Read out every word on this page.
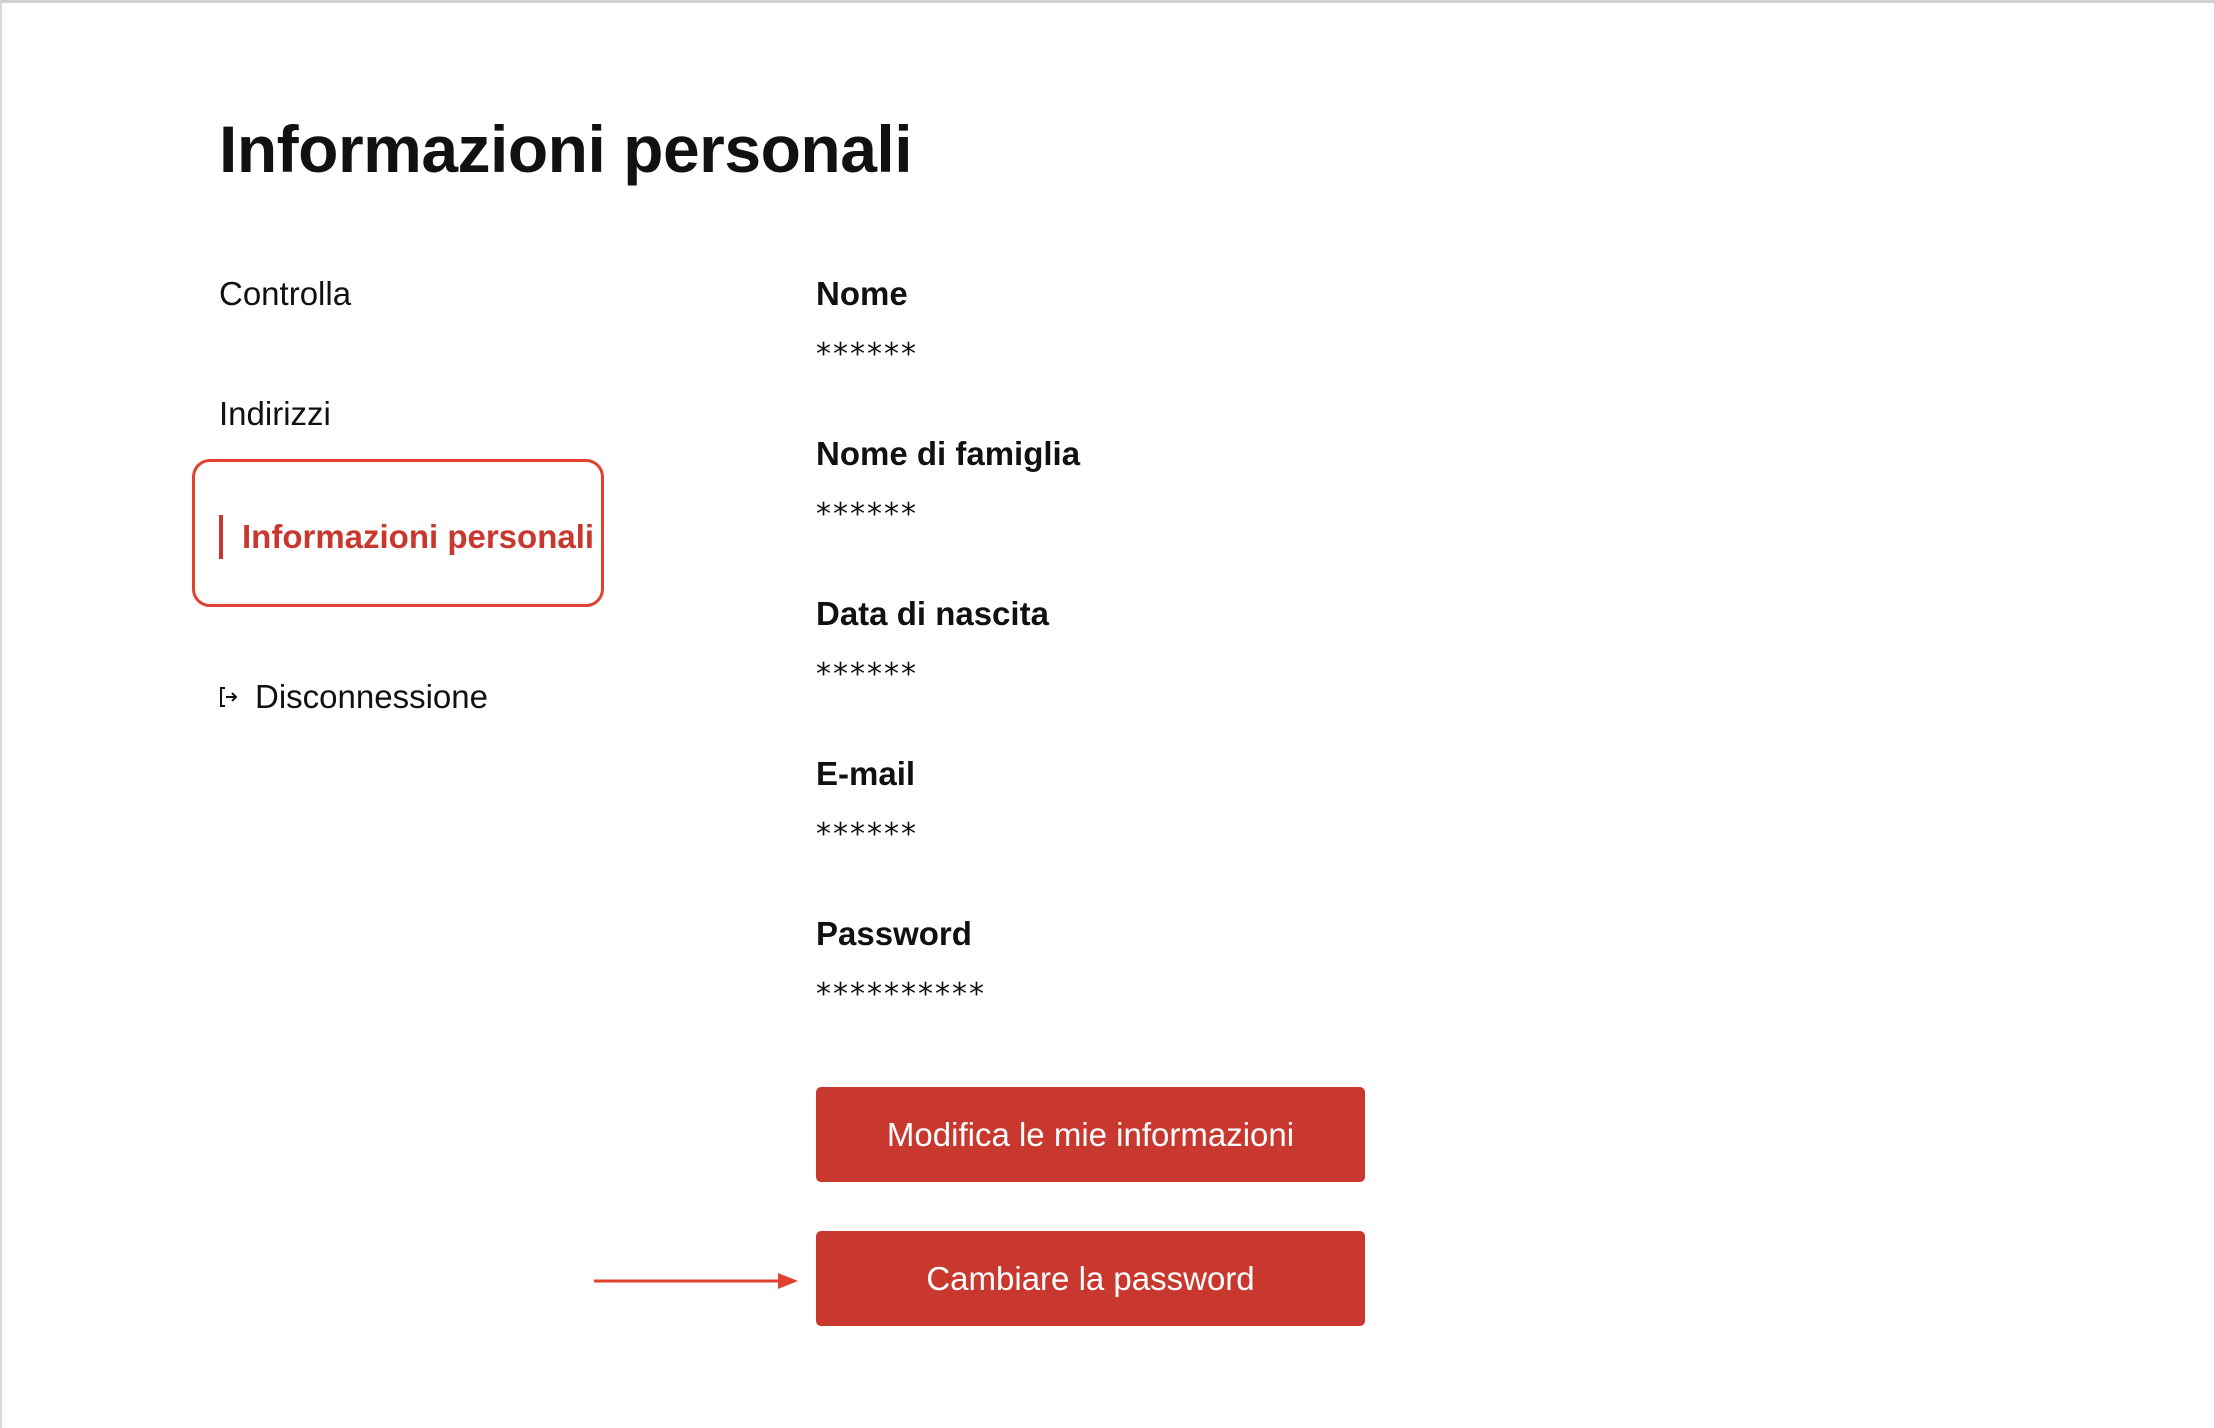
Informazioni personali
Controlla
Indirizzi
Informazioni personali
Disconnessione
Nome
******
Nome di famiglia
******
Data di nascita
******
E-mail
******
Password
**********
Modifica le mie informazioni
Cambiare la password
